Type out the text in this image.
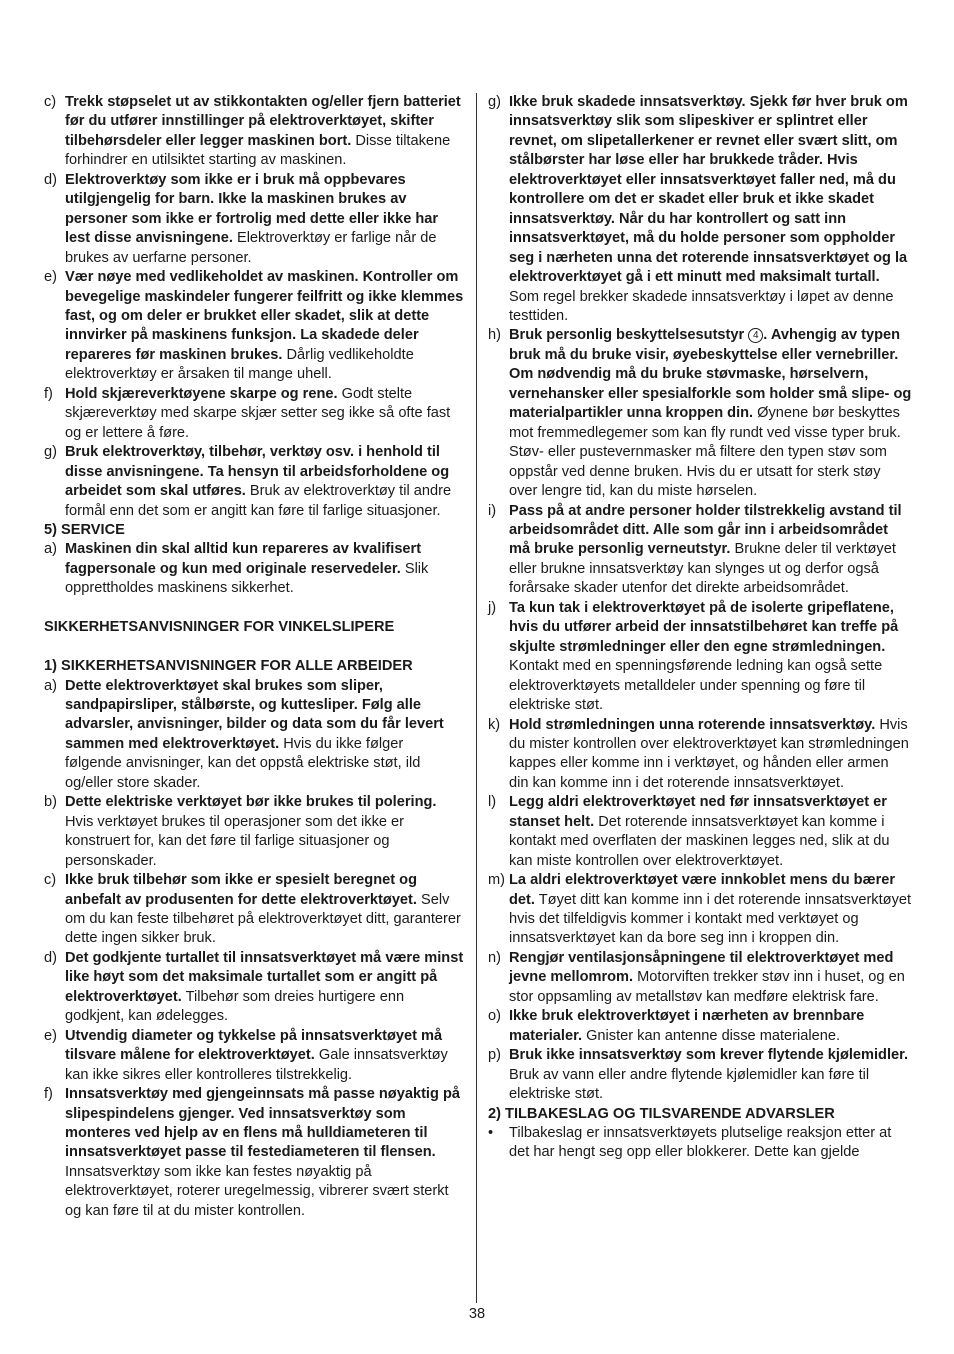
c) Trekk støpselet ut av stikkontakten og/eller fjern batteriet før du utfører innstillinger på elektroverktøyet, skifter tilbehørsdeler eller legger maskinen bort. Disse tiltakene forhindrer en utilsiktet starting av maskinen.
d) Elektroverktøy som ikke er i bruk må oppbevares utilgjengelig for barn. Ikke la maskinen brukes av personer som ikke er fortrolig med dette eller ikke har lest disse anvisningene. Elektroverktøy er farlige når de brukes av uerfarne personer.
e) Vær nøye med vedlikeholdet av maskinen. Kontroller om bevegelige maskindeler fungerer feilfritt og ikke klemmes fast, og om deler er brukket eller skadet, slik at dette innvirker på maskinens funksjon. La skadede deler repareres før maskinen brukes. Dårlig vedlikeholdte elektroverktøy er årsaken til mange uhell.
f) Hold skjæreverktøyene skarpe og rene. Godt stelte skjæreverktøy med skarpe skjær setter seg ikke så ofte fast og er lettere å føre.
g) Bruk elektroverktøy, tilbehør, verktøy osv. i henhold til disse anvisningene. Ta hensyn til arbeidsforholdene og arbeidet som skal utføres. Bruk av elektroverktøy til andre formål enn det som er angitt kan føre til farlige situasjoner.
5) SERVICE
a) Maskinen din skal alltid kun repareres av kvalifisert fagpersonale og kun med originale reservedeler. Slik opprettholdes maskinens sikkerhet.
SIKKERHETSANVISNINGER FOR VINKELSLIPERE
1) SIKKERHETSANVISNINGER FOR ALLE ARBEIDER
a) Dette elektroverktøyet skal brukes som sliper, sandpapirsliper, stålbørste, og kuttesliper. Følg alle advarsler, anvisninger, bilder og data som du får levert sammen med elektroverktøyet. Hvis du ikke følger følgende anvisninger, kan det oppstå elektriske støt, ild og/eller store skader.
b) Dette elektriske verktøyet bør ikke brukes til polering. Hvis verktøyet brukes til operasjoner som det ikke er konstruert for, kan det føre til farlige situasjoner og personskader.
c) Ikke bruk tilbehør som ikke er spesielt beregnet og anbefalt av produsenten for dette elektroverktøyet. Selv om du kan feste tilbehøret på elektroverktøyet ditt, garanterer dette ingen sikker bruk.
d) Det godkjente turtallet til innsatsverktøyet må være minst like høyt som det maksimale turtallet som er angitt på elektroverktøyet. Tilbehør som dreies hurtigere enn godkjent, kan ødelegges.
e) Utvendig diameter og tykkelse på innsatsverktøyet må tilsvare målene for elektroverktøyet. Gale innsatsverktøy kan ikke sikres eller kontrolleres tilstrekkelig.
f) Innsatsverktøy med gjengeinnsats må passe nøyaktig på slipespindelens gjenger. Ved innsatsverktøy som monteres ved hjelp av en flens må hulldiameteren til innsatsverktøyet passe til festediameteren til flensen. Innsatsverktøy som ikke kan festes nøyaktig på elektroverktøyet, roterer uregelmessig, vibrerer svært sterkt og kan føre til at du mister kontrollen.
g) Ikke bruk skadede innsatsverktøy. Sjekk før hver bruk om innsatsverktøy slik som slipeskiver er splintret eller revnet, om slipetallerkener er revnet eller svært slitt, om stålbørster har løse eller har brukkede tråder. Hvis elektroverktøyet eller innsatsverktøyet faller ned, må du kontrollere om det er skadet eller bruk et ikke skadet innsatsverktøy. Når du har kontrollert og satt inn innsatsverktøyet, må du holde personer som oppholder seg i nærheten unna det roterende innsatsverktøyet og la elektroverktøyet gå i ett minutt med maksimalt turtall. Som regel brekker skadede innsatsverktøy i løpet av denne testtiden.
h) Bruk personlig beskyttelsesutstyr 4 . Avhengig av typen bruk må du bruke visir, øyebeskyttelse eller vernebriller. Om nødvendig må du bruke støvmaske, hørselvern, vernehansker eller spesialforkle som holder små slipe- og materialpartikler unna kroppen din. Øynene bør beskyttes mot fremmedlegemer som kan fly rundt ved visse typer bruk. Støv- eller pustevernmasker må filtere den typen støv som oppstår ved denne bruken. Hvis du er utsatt for sterk støy over lengre tid, kan du miste hørselen.
i) Pass på at andre personer holder tilstrekkelig avstand til arbeidsområdet ditt. Alle som går inn i arbeidsområdet må bruke personlig verneutstyr. Brukne deler til verktøyet eller brukne innsatsverktøy kan slynges ut og derfor også forårsake skader utenfor det direkte arbeidsområdet.
j) Ta kun tak i elektroverktøyet på de isolerte gripeflatene, hvis du utfører arbeid der innsatstilbehøret kan treffe på skjulte strømledninger eller den egne strømledningen. Kontakt med en spenningsførende ledning kan også sette elektroverktøyets metalldeler under spenning og føre til elektriske støt.
k) Hold strømledningen unna roterende innsatsverktøy. Hvis du mister kontrollen over elektroverktøyet kan strømledningen kappes eller komme inn i verktøyet, og hånden eller armen din kan komme inn i det roterende innsatsverktøyet.
l) Legg aldri elektroverktøyet ned før innsatsverktøyet er stanset helt. Det roterende innsatsverktøyet kan komme i kontakt med overflaten der maskinen legges ned, slik at du kan miste kontrollen over elektroverktøyet.
m) La aldri elektroverktøyet være innkoblet mens du bærer det. Tøyet ditt kan komme inn i det roterende innsatsverktøyet hvis det tilfeldigvis kommer i kontakt med verktøyet og innsatsverktøyet kan da bore seg inn i kroppen din.
n) Rengjør ventilasjonsåpningene til elektroverktøyet med jevne mellomrom. Motorviften trekker støv inn i huset, og en stor oppsamling av metallstøv kan medføre elektrisk fare.
o) Ikke bruk elektroverktøyet i nærheten av brennbare materialer. Gnister kan antenne disse materialene.
p) Bruk ikke innsatsverktøy som krever flytende kjølemidler. Bruk av vann eller andre flytende kjølemidler kan føre til elektriske støt.
2) TILBAKESLAG OG TILSVARENDE ADVARSLER
•	Tilbakeslag er innsatsverktøyets plutselige reaksjon etter at det har hengt seg opp eller blokkerer. Dette kan gjelde
38
